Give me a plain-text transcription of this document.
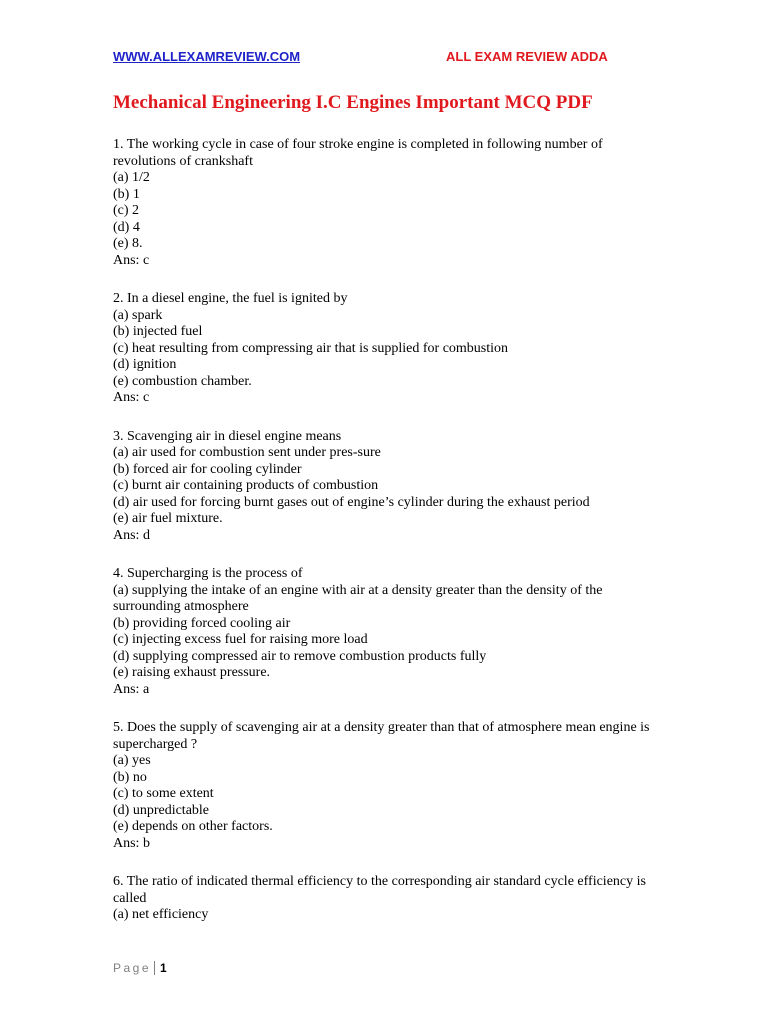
WWW.ALLEXAMREVIEW.COM	ALL EXAM REVIEW ADDA
Mechanical Engineering I.C Engines Important MCQ PDF

1. The working cycle in case of four stroke engine is completed in following number of revolutions of crankshaft

(a) 1/2

(b) 1

(c) 2

(d) 4

(e) 8.

Ans: c

2. In a diesel engine, the fuel is ignited by

(a) spark

(b) injected fuel

(c) heat resulting from compressing air that is supplied for combustion

(d) ignition

(e) combustion chamber.

Ans: c

3. Scavenging air in diesel engine means

(a) air used for combustion sent under pres-sure

(b) forced air for cooling cylinder

(c) burnt air containing products of combustion

(d) air used for forcing burnt gases out of engine’s cylinder during the exhaust period

(e) air fuel mixture.

Ans: d

4. Supercharging is the process of

(a) supplying the intake of an engine with air at a density greater than the density of the surrounding atmosphere

(b) providing forced cooling air

(c) injecting excess fuel for raising more load

(d) supplying compressed air to remove combustion products fully

(e) raising exhaust pressure.

Ans: a

5. Does the supply of scavenging air at a density greater than that of atmosphere mean engine is supercharged ?

(a) yes

(b) no

(c) to some extent

(d) unpredictable

(e) depends on other factors.

Ans: b

6. The ratio of indicated thermal efficiency to the corresponding air standard cycle efficiency is called

(a) net efficiency

Page 1
